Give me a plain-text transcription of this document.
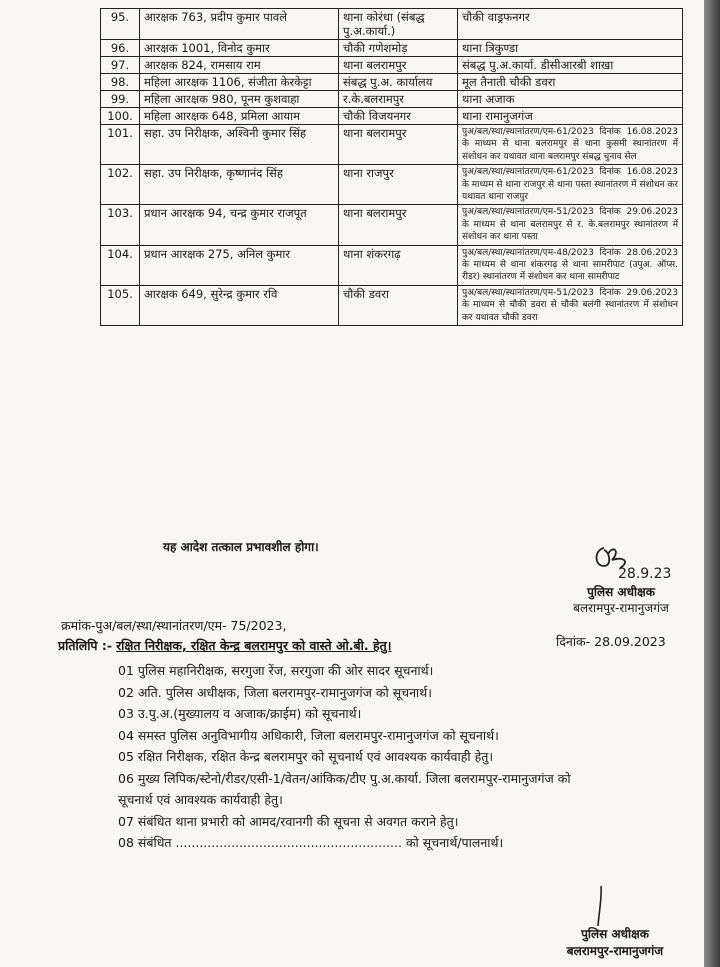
95.	आरक्षक 763, प्रदीप कुमार पावले	थाना कोरंधा (संबद्ध पु.अ.कार्या.)	चौकी वाड्रफनगर
96.	आरक्षक 1001, विनोद कुमार	चौकी गणेशमोड़	थाना त्रिकुण्डा
97.	आरक्षक 824, रामसाय राम	थाना बलरामपुर	संबद्ध पु.अ.कार्या. डीसीआरबी शाखा
98.	महिला आरक्षक 1106, संजीता केरकेट्टा	संबद्ध पु.अ. कार्यालय	मूल तैनाती चौकी डवरा
99.	महिला आरक्षक 980, पूनम कुशवाहा	र.के.बलरामपुर	थाना अजाक
100.	महिला आरक्षक 648, प्रमिला आयाम	चौकी विजयनगर	थाना रामानुजगंज
101.	सहा. उप निरीक्षक, अश्विनी कुमार सिंह	थाना बलरामपुर	पुअ/बल/स्था/स्थानांतरण/एम-61/2023 दिनांक 16.08.2023 के माध्यम से थाना बलरामपुर से थाना कुसमी स्थानांतरण में संशोधन कर यथावत थाना बलरामपुर संबद्ध चुनाव सेल
102.	सहा. उप निरीक्षक, कृष्णानंद सिंह	थाना राजपुर	पुअ/बल/स्था/स्थानांतरण/एम-61/2023 दिनांक 16.08.2023 के माध्यम से थाना राजपुर से थाना पस्ता स्थानांतरण में संशोधन कर यथावत थाना राजपुर
103.	प्रधान आरक्षक 94, चन्द्र कुमार राजपूत	थाना बलरामपुर	पुअ/बल/स्था/स्थानांतरण/एम-51/2023 दिनांक 29.06.2023 के माध्यम से थाना बलरामपुर से र. के.बलरामपुर स्थानांतरण में संशोधन कर थाना पस्ता
104.	प्रधान आरक्षक 275, अनिल कुमार	थाना शंकरगढ़	पुअ/बल/स्था/स्थानांतरण/एम-48/2023 दिनांक 28.06.2023 के माध्यम से थाना शंकरगढ़ से थाना सामरीपाट (उपुअ. ऑप्स. रीडर) स्थानांतरण में संशोधन कर थाना सामरीपाट
105.	आरक्षक 649, सुरेन्द्र कुमार रवि	चौकी डवरा	पुअ/बल/स्था/स्थानांतरण/एम-51/2023 दिनांक 29.06.2023 के माध्यम से चौकी डवरा से चौकी बलंगी स्थानांतरण में संशोधन कर यथावत चौकी डवरा
यह आदेश तत्काल प्रभावशील होगा।
28.9.23
पुलिस अधीक्षक
बलरामपुर-रामानुजगंज
क्रमांक-पुअ/बल/स्था/स्थानांतरण/एम- 75/2023,
दिनांक- 28.09.2023
प्रतिलिपि :- रक्षित निरीक्षक, रक्षित केन्द्र बलरामपुर को वास्ते ओ.बी. हेतु।
01 पुलिस महानिरीक्षक, सरगुजा रेंज, सरगुजा की ओर सादर सूचनार्थ।
02 अति. पुलिस अधीक्षक, जिला बलरामपुर-रामानुजगंज को सूचनार्थ।
03 उ.पु.अ.(मुख्यालय व अजाक/क्राईम) को सूचनार्थ।
04 समस्त पुलिस अनुविभागीय अधिकारी, जिला बलरामपुर-रामानुजगंज को सूचनार्थ।
05 रक्षित निरीक्षक, रक्षित केन्द्र बलरामपुर को सूचनार्थ एवं आवश्यक कार्यवाही हेतु।
06 मुख्य लिपिक/स्टेनो/रीडर/एसी-1/वेतन/आंकिक/टीए पु.अ.कार्या. जिला बलरामपुर-रामानुजगंज को
सूचनार्थ एवं आवश्यक कार्यवाही हेतु।
07 संबंधित थाना प्रभारी को आमद/रवानगी की सूचना से अवगत कराने हेतु।
08 संबंधित ......................................................... को सूचनार्थ/पालनार्थ।
पुलिस अधीक्षक
बलरामपुर-रामानुजगंज
